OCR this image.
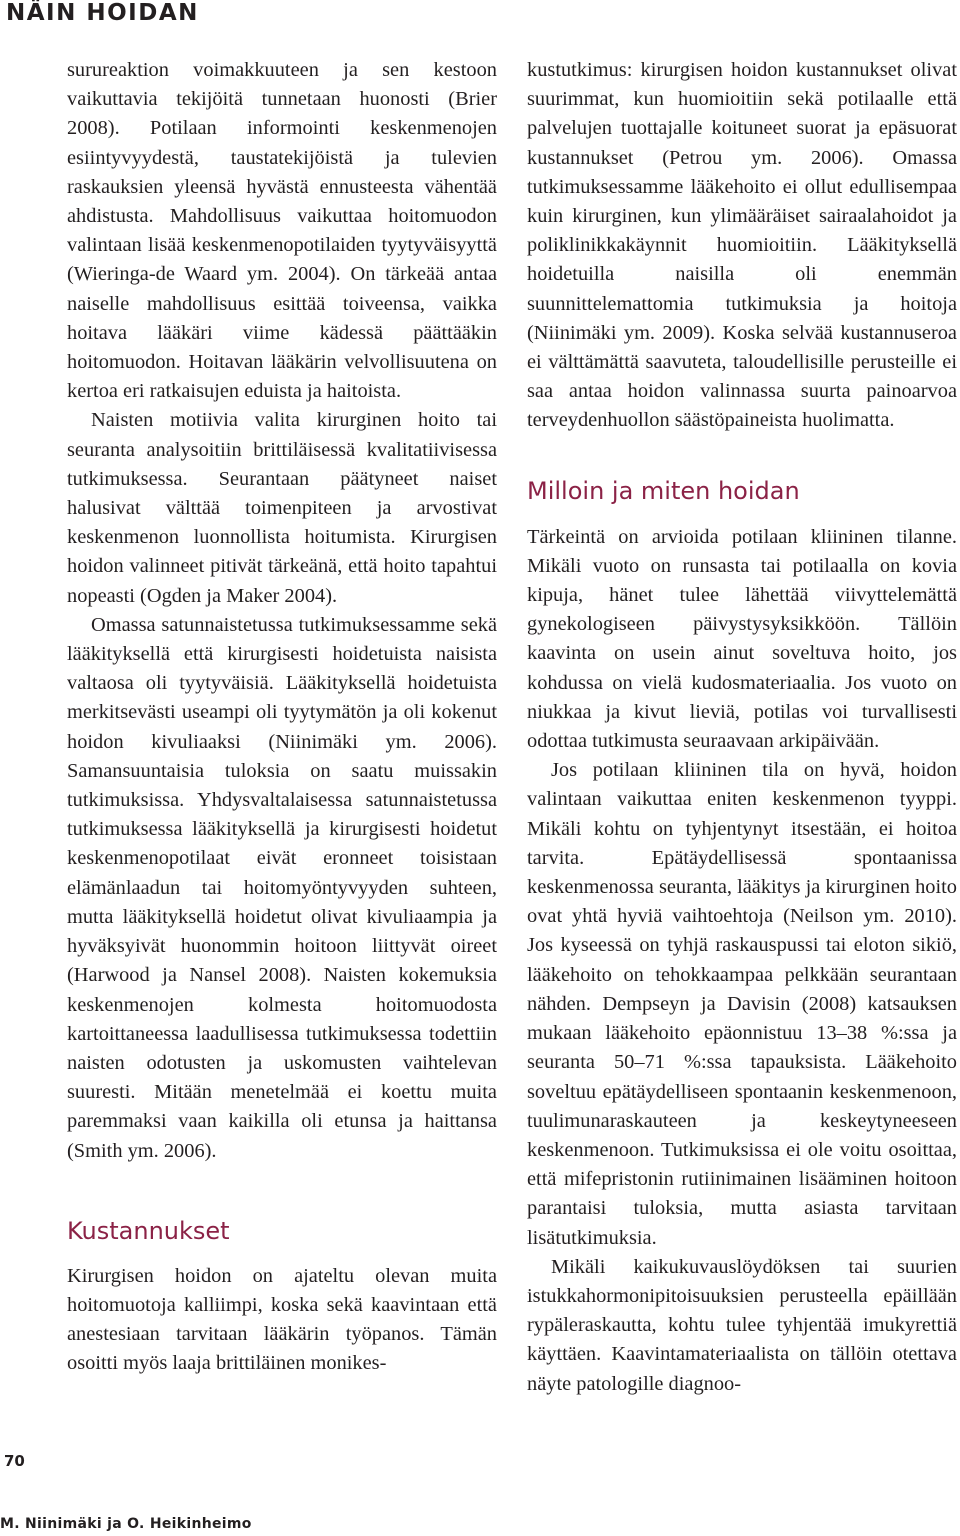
NÄIN HOIDAN

surureaktion voimakkuuteen ja sen kestoon vaikuttavia tekijöitä tunnetaan huonosti (Brier 2008). Potilaan informointi keskenmenojen esiintyvyydestä, taustatekijöistä ja tulevien raskauksien yleensä hyvästä ennusteesta vähentää ahdistusta. Mahdollisuus vaikuttaa hoitomuodon valintaan lisää keskenmenopotilaiden tyytyväisyyttä (Wieringa-de Waard ym. 2004). On tärkeää antaa naiselle mahdollisuus esittää toiveensa, vaikka hoitava lääkäri viime kädessä päättääkin hoitomuodon. Hoitavan lääkärin velvollisuutena on kertoa eri ratkaisujen eduista ja haitoista.

Naisten motiivia valita kirurginen hoito tai seuranta analysoitiin brittiläisessä kvalitatiivisessa tutkimuksessa. Seurantaan päätyneet naiset halusivat välttää toimenpiteen ja arvostivat keskenmenon luonnollista hoitumista. Kirurgisen hoidon valinneet pitivät tärkeänä, että hoito tapahtui nopeasti (Ogden ja Maker 2004).

Omassa satunnaistetussa tutkimuksessamme sekä lääkityksellä että kirurgisesti hoidetuista naisista valtaosa oli tyytyväisiä. Lääkityksellä hoidetuista merkitsevästi useampi oli tyytymätön ja oli kokenut hoidon kivuliaaksi (Niinimäki ym. 2006). Samansuuntaisia tuloksia on saatu muissakin tutkimuksissa. Yhdysvaltalaisessa satunnaistetussa tutkimuksessa lääkityksellä ja kirurgisesti hoidetut keskenmenopotilaat eivät eronneet toisistaan elämänlaadun tai hoitomyöntyvyyden suhteen, mutta lääkityksellä hoidetut olivat kivuliaampia ja hyväksyivät huonommin hoitoon liittyvät oireet (Harwood ja Nansel 2008). Naisten kokemuksia keskenmenojen kolmesta hoitomuodosta kartoittaneessa laadullisessa tutkimuksessa todettiin naisten odotusten ja uskomusten vaihtelevan suuresti. Mitään menetelmää ei koettu muita paremmaksi vaan kaikilla oli etunsa ja haittansa (Smith ym. 2006).

Kustannukset

Kirurgisen hoidon on ajateltu olevan muita hoitomuotoja kalliimpi, koska sekä kaavintaan että anestesiaan tarvitaan lääkärin työpanos. Tämän osoitti myös laaja brittiläinen monikes-

kustutkimus: kirurgisen hoidon kustannukset olivat suurimmat, kun huomioitiin sekä potilaalle että palvelujen tuottajalle koituneet suorat ja epäsuorat kustannukset (Petrou ym. 2006). Omassa tutkimuksessamme lääkehoito ei ollut edullisempaa kuin kirurginen, kun ylimääräiset sairaalahoidot ja poliklinikkakäynnit huomioitiin. Lääkityksellä hoidetuilla naisilla oli enemmän suunnittelemattomia tutkimuksia ja hoitoja (Niinimäki ym. 2009). Koska selvää kustannuseroa ei välttämättä saavuteta, taloudellisille perusteille ei saa antaa hoidon valinnassa suurta painoarvoa terveydenhuollon säästöpaineista huolimatta.

Milloin ja miten hoidan

Tärkeintä on arvioida potilaan kliininen tilanne. Mikäli vuoto on runsasta tai potilaalla on kovia kipuja, hänet tulee lähettää viivyttelemättä gynekologiseen päivystysyksikköön. Tällöin kaavinta on usein ainut soveltuva hoito, jos kohdussa on vielä kudosmateriaalia. Jos vuoto on niukkaa ja kivut lieviä, potilas voi turvallisesti odottaa tutkimusta seuraavaan arkipäivään.

Jos potilaan kliininen tila on hyvä, hoidon valintaan vaikuttaa eniten keskenmenon tyyppi. Mikäli kohtu on tyhjentynyt itsestään, ei hoitoa tarvita. Epätäydellisessä spontaanissa keskenmenossa seuranta, lääkitys ja kirurginen hoito ovat yhtä hyviä vaihtoehtoja (Neilson ym. 2010). Jos kyseessä on tyhjä raskauspussi tai eloton sikiö, lääkehoito on tehokkaampaa pelkkään seurantaan nähden. Dempseyn ja Davisin (2008) katsauksen mukaan lääkehoito epäonnistuu 13–38 %:ssa ja seuranta 50–71 %:ssa tapauksista. Lääkehoito soveltuu epätäydelliseen spontaanin keskenmenoon, tuulimunaraskauteen ja keskeytyneeseen keskenmenoon. Tutkimuksissa ei ole voitu osoittaa, että mifepristonin rutiinimainen lisääminen hoitoon parantaisi tuloksia, mutta asiasta tarvitaan lisätutkimuksia.

Mikäli kaikukuvauslöydöksen tai suurien istukkahormonipitoisuuksien perusteella epäillään rypäleraskautta, kohtu tulee tyhjentää imukyrettiä käyttäen. Kaavintamateriaalista on tällöin otettava näyte patologille diagnoo-

70
M. Niinimäki ja O. Heikinheimo
